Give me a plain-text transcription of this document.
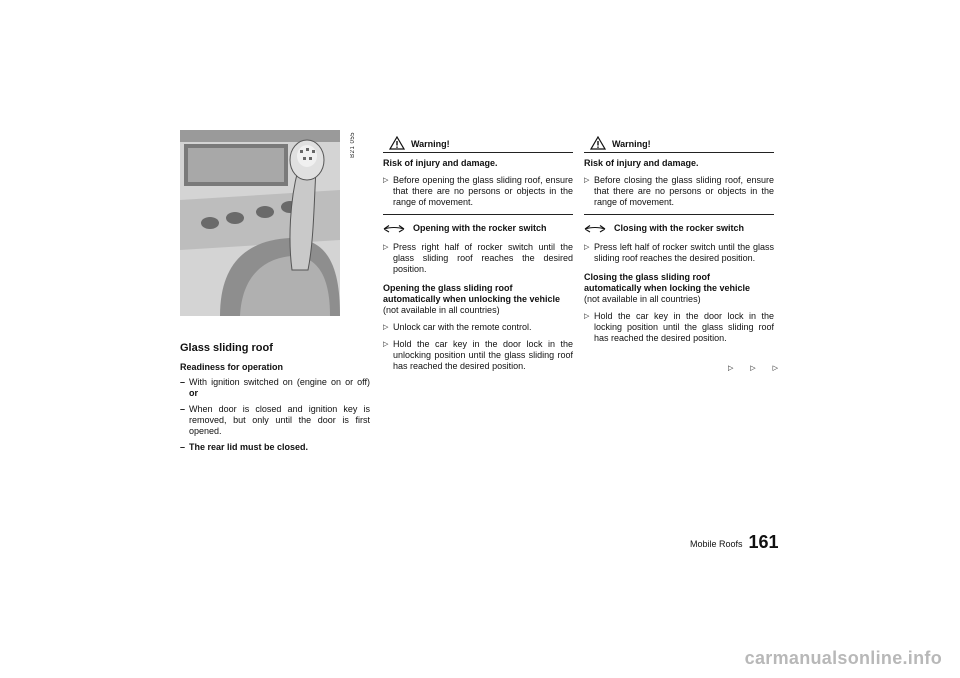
B21 055
Glass sliding roof
Readiness for operation
– With ignition switched on (engine on or off) or
– When door is closed and ignition key is removed, but only until the door is first opened.
– The rear lid must be closed.
Warning!
Risk of injury and damage.
▷ Before opening the glass sliding roof, ensure that there are no persons or objects in the range of movement.
Opening with the rocker switch
▷ Press right half of rocker switch until the glass sliding roof reaches the desired position.
Opening the glass sliding roof
automatically when unlocking the vehicle
(not available in all countries)
▷ Unlock car with the remote control.
▷ Hold the car key in the door lock in the unlocking position until the glass sliding roof has reached the desired position.
Warning!
Risk of injury and damage.
▷ Before closing the glass sliding roof, ensure that there are no persons or objects in the range of movement.
Closing with the rocker switch
▷ Press left half of rocker switch until the glass sliding roof reaches the desired position.
Closing the glass sliding roof
automatically when locking the vehicle
(not available in all countries)
▷ Hold the car key in the door lock in the locking position until the glass sliding roof has reached the desired position.
▷ ▷ ▷
Mobile Roofs 161
carmanualsonline.info
